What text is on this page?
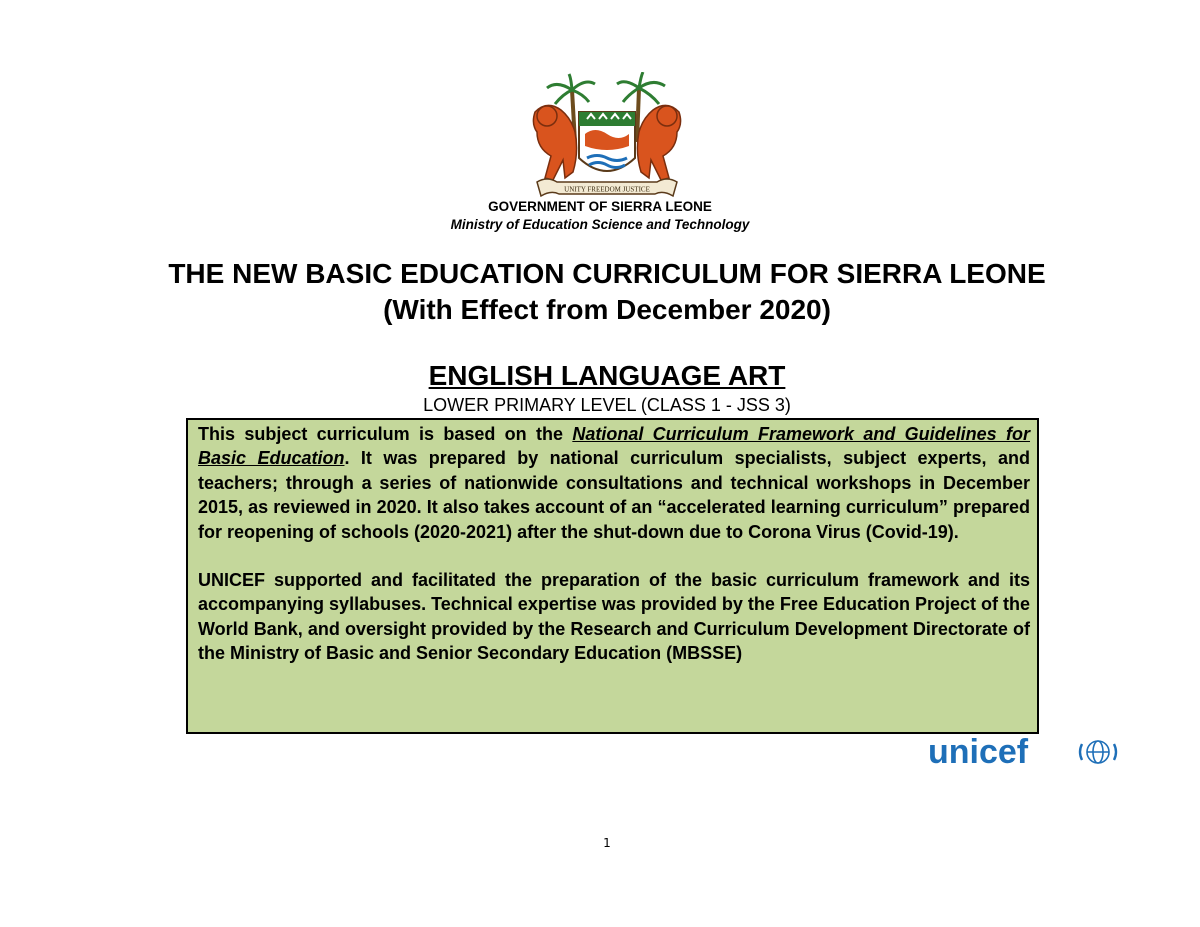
UNITY FREEDOM JUSTICE
GOVERNMENT OF SIERRA LEONE
Ministry of Education Science and Technology
THE NEW BASIC EDUCATION CURRICULUM FOR SIERRA LEONE
(With Effect from December 2020)
ENGLISH LANGUAGE ART
LOWER PRIMARY LEVEL (CLASS 1 - JSS 3)

This subject curriculum is based on the National Curriculum Framework and Guidelines for Basic Education. It was prepared by national curriculum specialists, subject experts, and teachers; through a series of nationwide consultations and technical workshops in December 2015, as reviewed in 2020. It also takes account of an “accelerated learning curriculum” prepared for reopening of schools (2020-2021) after the shut-down due to Corona Virus (Covid-19).

UNICEF supported and facilitated the preparation of the basic curriculum framework and its accompanying syllabuses. Technical expertise was provided by the Free Education Project of the World Bank, and oversight provided by the Research and Curriculum Development Directorate of the Ministry of Basic and Senior Secondary Education (MBSSE)

unicef
1
